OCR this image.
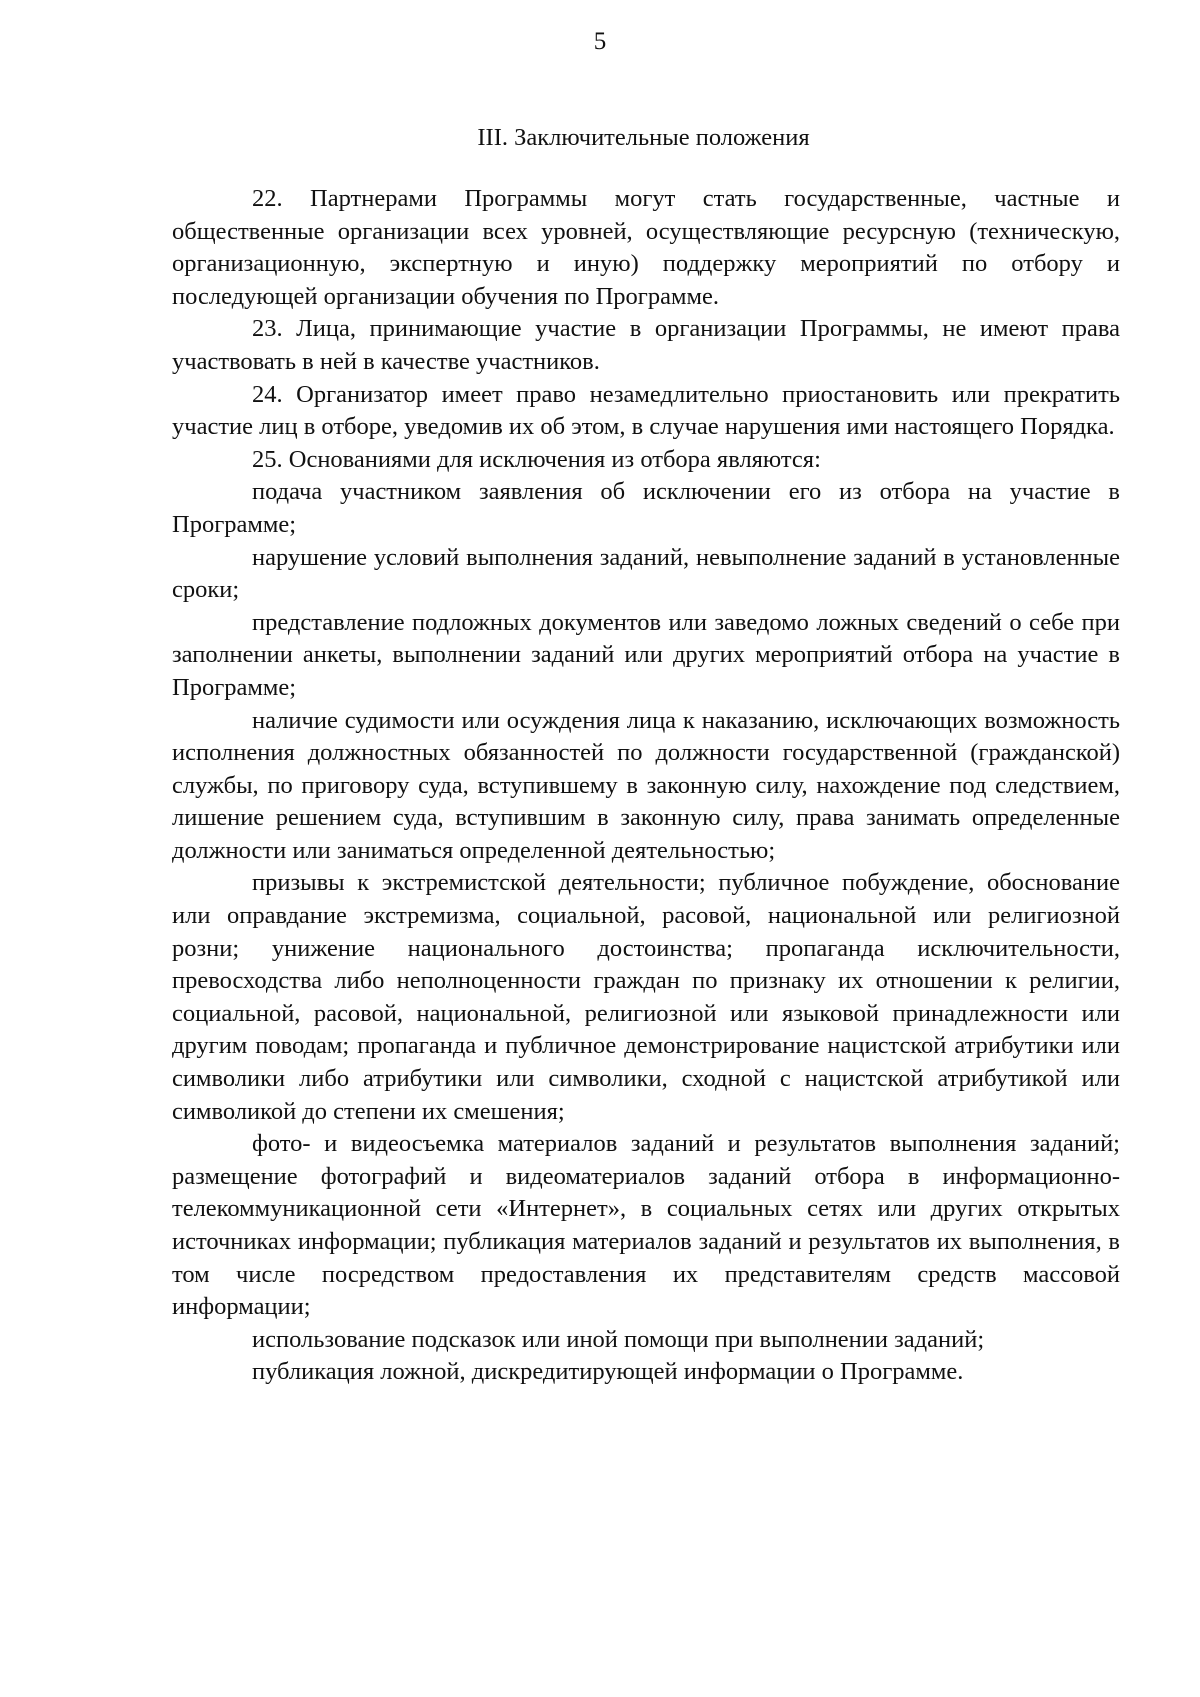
5
III. Заключительные положения

22. Партнерами Программы могут стать государственные, частные и общественные организации всех уровней, осуществляющие ресурсную (техническую, организационную, экспертную и иную) поддержку мероприятий по отбору и последующей организации обучения по Программе.

23. Лица, принимающие участие в организации Программы, не имеют права участвовать в ней в качестве участников.

24. Организатор имеет право незамедлительно приостановить или прекратить участие лиц в отборе, уведомив их об этом, в случае нарушения ими настоящего Порядка.

25. Основаниями для исключения из отбора являются:

подача участником заявления об исключении его из отбора на участие в Программе;

нарушение условий выполнения заданий, невыполнение заданий в установленные сроки;

представление подложных документов или заведомо ложных сведений о себе при заполнении анкеты, выполнении заданий или других мероприятий отбора на участие в Программе;

наличие судимости или осуждения лица к наказанию, исключающих возможность исполнения должностных обязанностей по должности государственной (гражданской) службы, по приговору суда, вступившему в законную силу, нахождение под следствием, лишение решением суда, вступившим в законную силу, права занимать определенные должности или заниматься определенной деятельностью;

призывы к экстремистской деятельности; публичное побуждение, обоснование или оправдание экстремизма, социальной, расовой, национальной или религиозной розни; унижение национального достоинства; пропаганда исключительности, превосходства либо неполноценности граждан по признаку их отношении к религии, социальной, расовой, национальной, религиозной или языковой принадлежности или другим поводам; пропаганда и публичное демонстрирование нацистской атрибутики или символики либо атрибутики или символики, сходной с нацистской атрибутикой или символикой до степени их смешения;

фото- и видеосъемка материалов заданий и результатов выполнения заданий; размещение фотографий и видеоматериалов заданий отбора в информационно-телекоммуникационной сети «Интернет», в социальных сетях или других открытых источниках информации; публикация материалов заданий и результатов их выполнения, в том числе посредством предоставления их представителям средств массовой информации;

использование подсказок или иной помощи при выполнении заданий;

публикация ложной, дискредитирующей информации о Программе.
